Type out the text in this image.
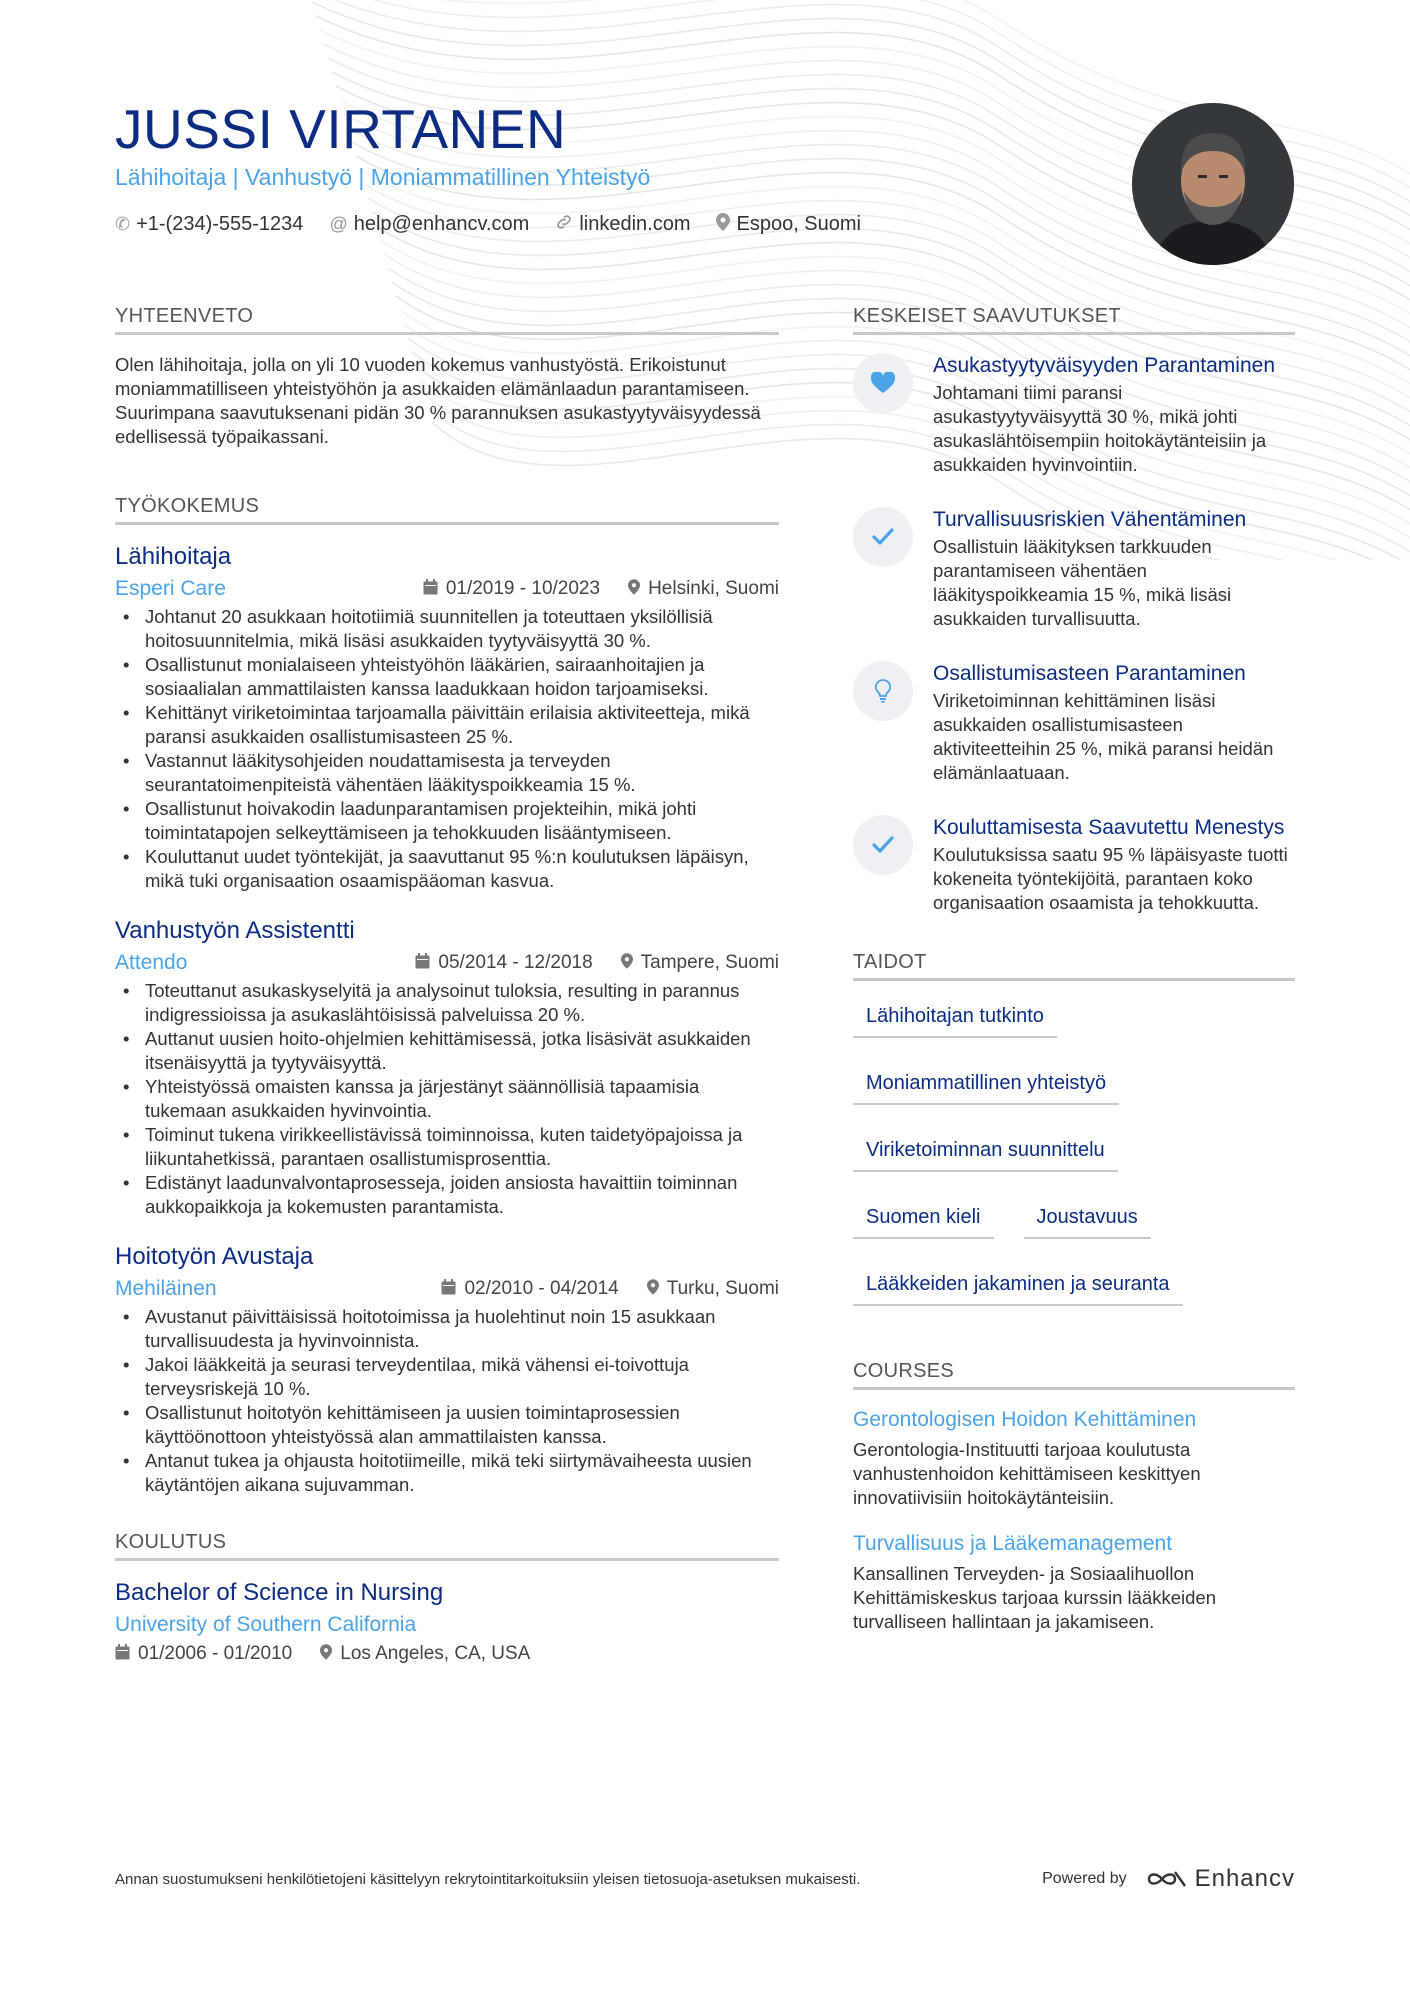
JUSSI VIRTANEN
Lähihoitaja | Vanhustyö | Moniammatillinen Yhteistyö
✆ +1-(234)-555-1234 @ help@enhancv.com	linkedin.com Espoo, Suomi
YHTEENVETO
Olen lähihoitaja, jolla on yli 10 vuoden kokemus vanhustyöstä. Erikoistunut moniammatilliseen yhteistyöhön ja asukkaiden elämänlaadun parantamiseen. Suurimpana saavutuksenani pidän 30 % parannuksen asukastyytyväisyydessä edellisessä työpaikassani.
TYÖKOKEMUS
Lähihoitaja
Esperi Care	01/2019 - 10/2023	Helsinki, Suomi
• Johtanut 20 asukkaan hoitotiimiä suunnitellen ja toteuttaen yksilöllisiä hoitosuunnitelmia, mikä lisäsi asukkaiden tyytyväisyyttä 30 %.
• Osallistunut monialaiseen yhteistyöhön lääkärien, sairaanhoitajien ja sosiaalialan ammattilaisten kanssa laadukkaan hoidon tarjoamiseksi.
• Kehittänyt viriketoimintaa tarjoamalla päivittäin erilaisia aktiviteetteja, mikä paransi asukkaiden osallistumisasteen 25 %.
• Vastannut lääkitysohjeiden noudattamisesta ja terveyden seurantatoimenpiteistä vähentäen lääkityspoikkeamia 15 %.
• Osallistunut hoivakodin laadunparantamisen projekteihin, mikä johti toimintatapojen selkeyttämiseen ja tehokkuuden lisääntymiseen.
• Kouluttanut uudet työntekijät, ja saavuttanut 95 %:n koulutuksen läpäisyn, mikä tuki organisaation osaamispääoman kasvua.
Vanhustyön Assistentti
Attendo	05/2014 - 12/2018	Tampere, Suomi
• Toteuttanut asukaskyselyitä ja analysoinut tuloksia, resulting in parannus indigressioissa ja asukaslähtöisissä palveluissa 20 %.
• Auttanut uusien hoito-ohjelmien kehittämisessä, jotka lisäsivät asukkaiden itsenäisyyttä ja tyytyväisyyttä.
• Yhteistyössä omaisten kanssa ja järjestänyt säännöllisiä tapaamisia tukemaan asukkaiden hyvinvointia.
• Toiminut tukena virikkeellistävissä toiminnoissa, kuten taidetyöpajoissa ja liikuntahetkissä, parantaen osallistumisprosenttia.
• Edistänyt laadunvalvontaprosesseja, joiden ansiosta havaittiin toiminnan aukkopaikkoja ja kokemusten parantamista.
Hoitotyön Avustaja
Mehiläinen	02/2010 - 04/2014	Turku, Suomi
• Avustanut päivittäisissä hoitotoimissa ja huolehtinut noin 15 asukkaan turvallisuudesta ja hyvinvoinnista.
• Jakoi lääkkeitä ja seurasi terveydentilaa, mikä vähensi ei-toivottuja terveysriskejä 10 %.
• Osallistunut hoitotyön kehittämiseen ja uusien toimintaprosessien käyttöönottoon yhteistyössä alan ammattilaisten kanssa.
• Antanut tukea ja ohjausta hoitotiimeille, mikä teki siirtymävaiheesta uusien käytäntöjen aikana sujuvamman.
KOULUTUS
Bachelor of Science in Nursing
University of Southern California
01/2006 - 01/2010	Los Angeles, CA, USA
KESKEISET SAAVUTUKSET
Asukastyytyväisyyden Parantaminen
Johtamani tiimi paransi asukastyytyväisyyttä 30 %, mikä johti asukaslähtöisempiin hoitokäytänteisiin ja asukkaiden hyvinvointiin.
Turvallisuusriskien Vähentäminen
Osallistuin lääkityksen tarkkuuden parantamiseen vähentäen lääkityspoikkeamia 15 %, mikä lisäsi asukkaiden turvallisuutta.
Osallistumisasteen Parantaminen
Viriketoiminnan kehittäminen lisäsi asukkaiden osallistumisasteen aktiviteetteihin 25 %, mikä paransi heidän elämänlaatuaan.
Kouluttamisesta Saavutettu Menestys
Koulutuksissa saatu 95 % läpäisyaste tuotti kokeneita työntekijöitä, parantaen koko organisaation osaamista ja tehokkuutta.
TAIDOT
Lähihoitajan tutkinto
Moniammatillinen yhteistyö
Viriketoiminnan suunnittelu
Suomen kieli	Joustavuus
Lääkkeiden jakaminen ja seuranta
COURSES
Gerontologisen Hoidon Kehittäminen
Gerontologia-Instituutti tarjoaa koulutusta vanhustenhoidon kehittämiseen keskittyen innovatiivisiin hoitokäytänteisiin.
Turvallisuus ja Lääkemanagement
Kansallinen Terveyden- ja Sosiaalihuollon Kehittämiskeskus tarjoaa kurssin lääkkeiden turvalliseen hallintaan ja jakamiseen.
Annan suostumukseni henkilötietojeni käsittelyyn rekrytointitarkoituksiin yleisen tietosuoja-asetuksen mukaisesti.	Powered by	Enhancv
